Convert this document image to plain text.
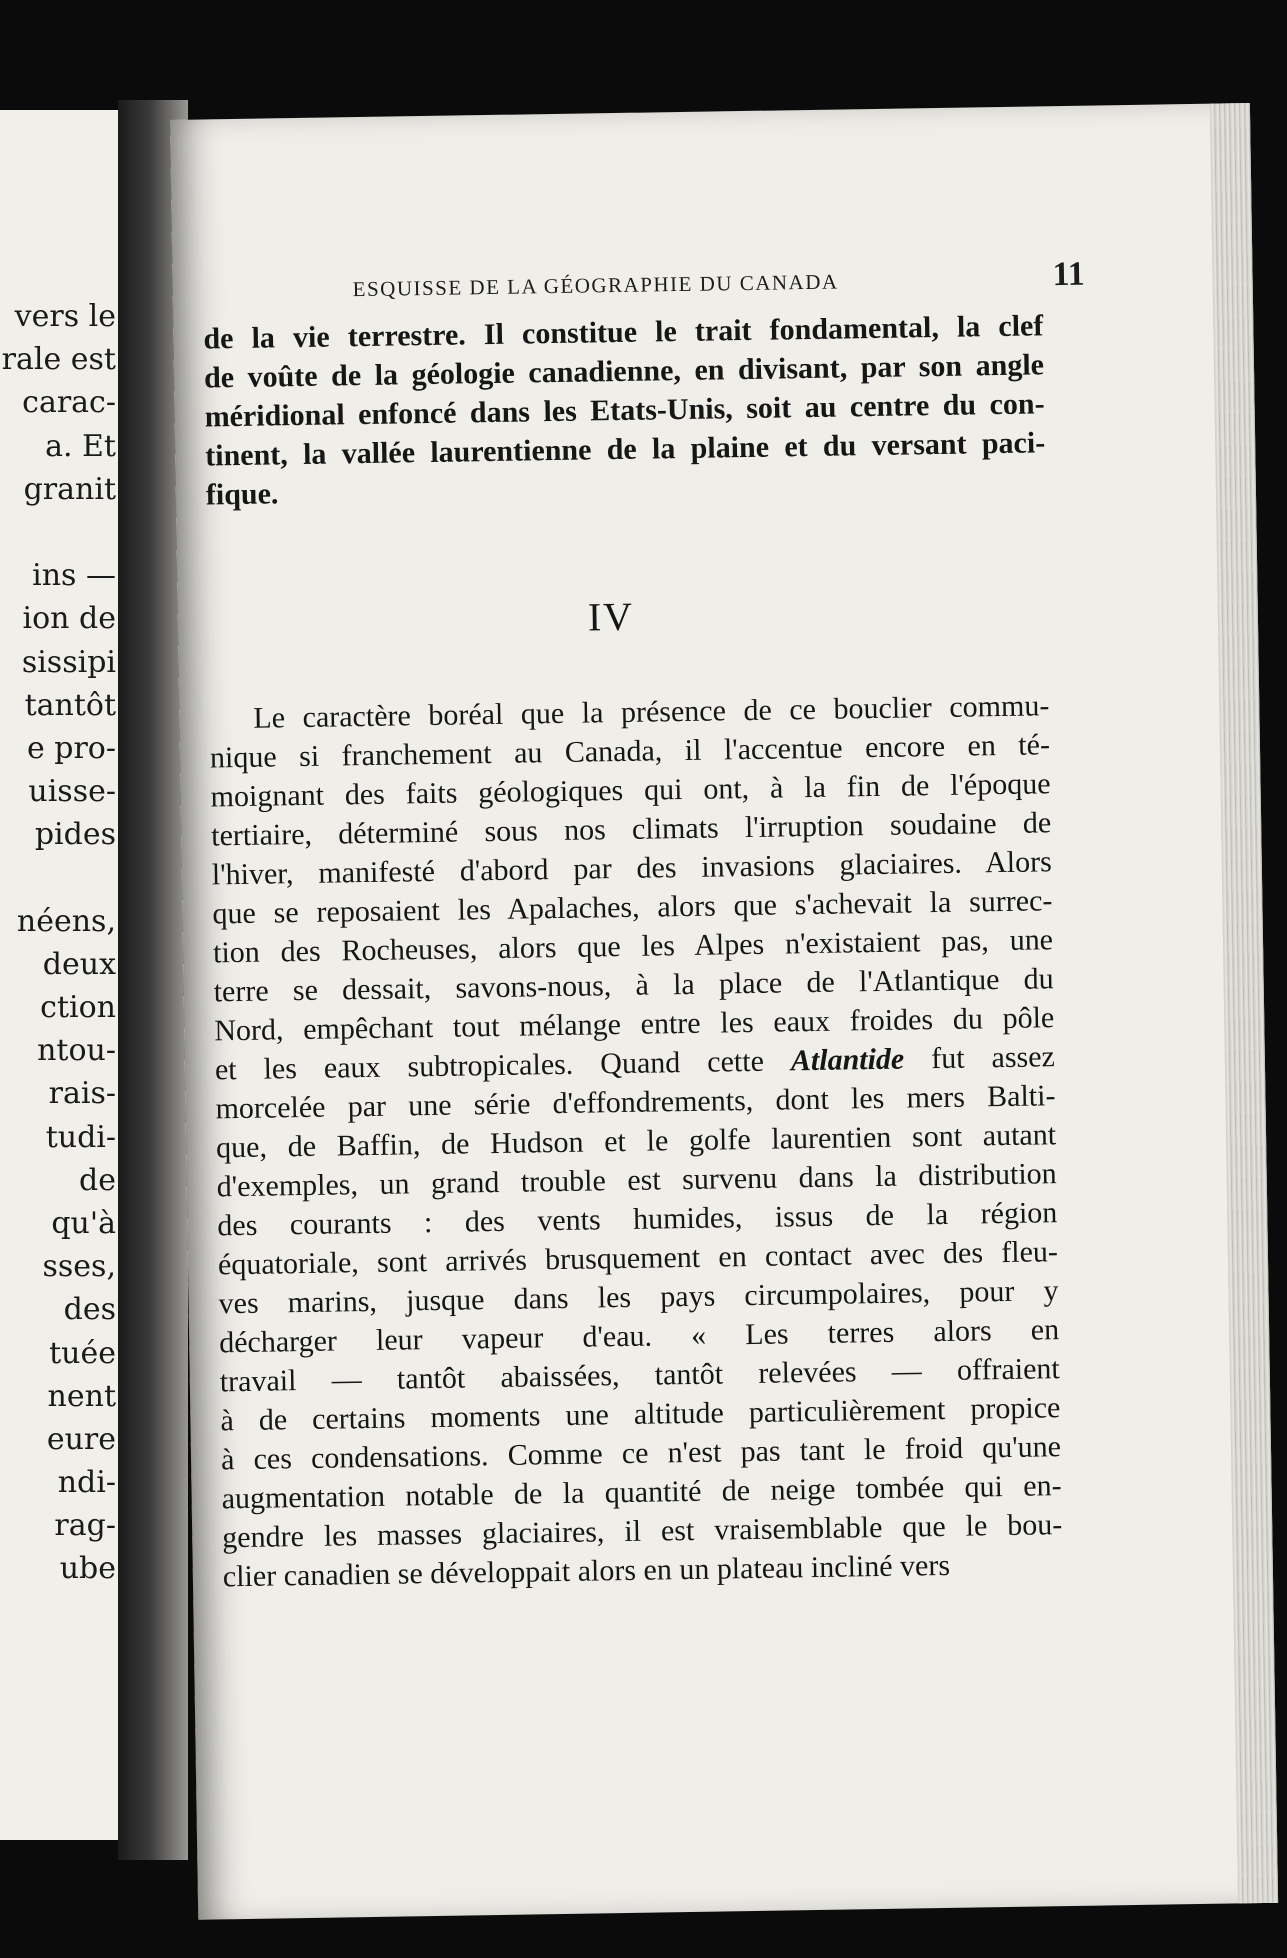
vers le
rale est
carac-
a. Et
granit
ins —
ion de
sissipi
tantôt
e pro-
uisse-
pides
néens,
deux
ction
ntou-
rais-
tudi-
de
qu'à
sses,
des
tuée
nent
eure
ndi-
rag-
ube
ESQUISSE DE LA GÉOGRAPHIE DU CANADA	11
de la vie terrestre. Il constitue le trait fondamental, la clef
de voûte de la géologie canadienne, en divisant, par son angle
méridional enfoncé dans les Etats-Unis, soit au centre du con-
tinent, la vallée laurentienne de la plaine et du versant paci-
fique.
IV
Le caractère boréal que la présence de ce bouclier commu-
nique si franchement au Canada, il l'accentue encore en té-
moignant des faits géologiques qui ont, à la fin de l'époque
tertiaire, déterminé sous nos climats l'irruption soudaine de
l'hiver, manifesté d'abord par des invasions glaciaires. Alors
que se reposaient les Apalaches, alors que s'achevait la surrec-
tion des Rocheuses, alors que les Alpes n'existaient pas, une
terre se dessait, savons-nous, à la place de l'Atlantique du
Nord, empêchant tout mélange entre les eaux froides du pôle
et les eaux subtropicales. Quand cette Atlantide fut assez
morcelée par une série d'effondrements, dont les mers Balti-
que, de Baffin, de Hudson et le golfe laurentien sont autant
d'exemples, un grand trouble est survenu dans la distribution
des courants : des vents humides, issus de la région
équatoriale, sont arrivés brusquement en contact avec des fleu-
ves marins, jusque dans les pays circumpolaires, pour y
décharger leur vapeur d'eau. « Les terres alors en
travail — tantôt abaissées, tantôt relevées — offraient
à de certains moments une altitude particulièrement propice
à ces condensations. Comme ce n'est pas tant le froid qu'une
augmentation notable de la quantité de neige tombée qui en-
gendre les masses glaciaires, il est vraisemblable que le bou-
clier canadien se développait alors en un plateau incliné vers
